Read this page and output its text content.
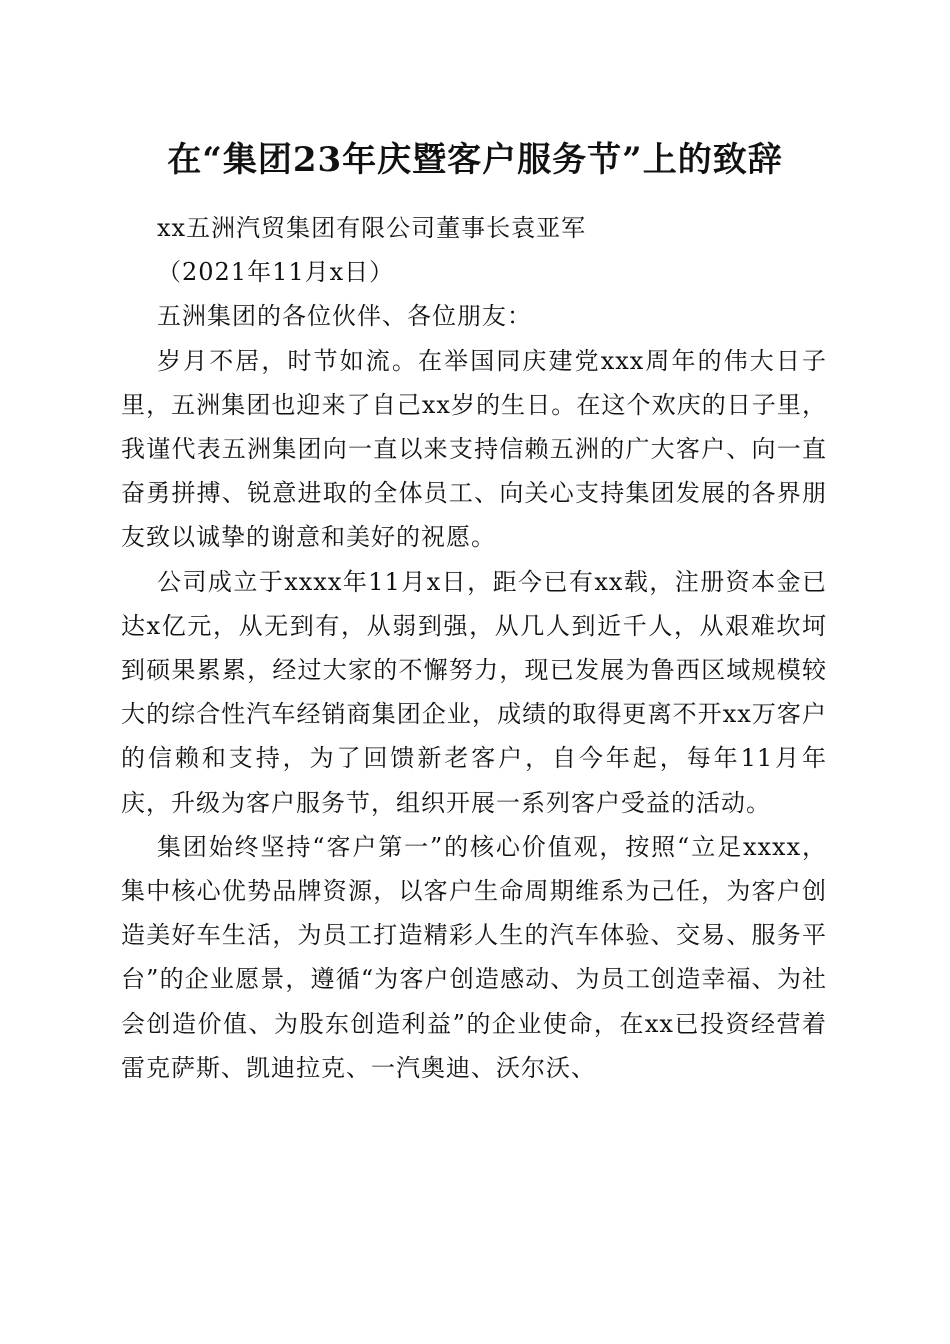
在“集团23年庆暨客户服务节”上的致辞

xx五洲汽贸集团有限公司董事长袁亚军

（2021年11月x日）

五洲集团的各位伙伴、各位朋友：

岁月不居，时节如流。在举国同庆建党xxx周年的伟大日子里，五洲集团也迎来了自己xx岁的生日。在这个欢庆的日子里，我谨代表五洲集团向一直以来支持信赖五洲的广大客户、向一直奋勇拼搏、锐意进取的全体员工、向关心支持集团发展的各界朋友致以诚挚的谢意和美好的祝愿。

公司成立于xxxx年11月x日，距今已有xx载，注册资本金已达x亿元，从无到有，从弱到强，从几人到近千人，从艰难坎坷到硕果累累，经过大家的不懈努力，现已发展为鲁西区域规模较大的综合性汽车经销商集团企业，成绩的取得更离不开xx万客户的信赖和支持，为了回馈新老客户，自今年起，每年11月年庆，升级为客户服务节，组织开展一系列客户受益的活动。

集团始终坚持“客户第一”的核心价值观，按照“立足xxxx，集中核心优势品牌资源，以客户生命周期维系为己任，为客户创造美好车生活，为员工打造精彩人生的汽车体验、交易、服务平台”的企业愿景，遵循“为客户创造感动、为员工创造幸福、为社会创造价值、为股东创造利益”的企业使命，在xx已投资经营着雷克萨斯、凯迪拉克、一汽奥迪、沃尔沃、
